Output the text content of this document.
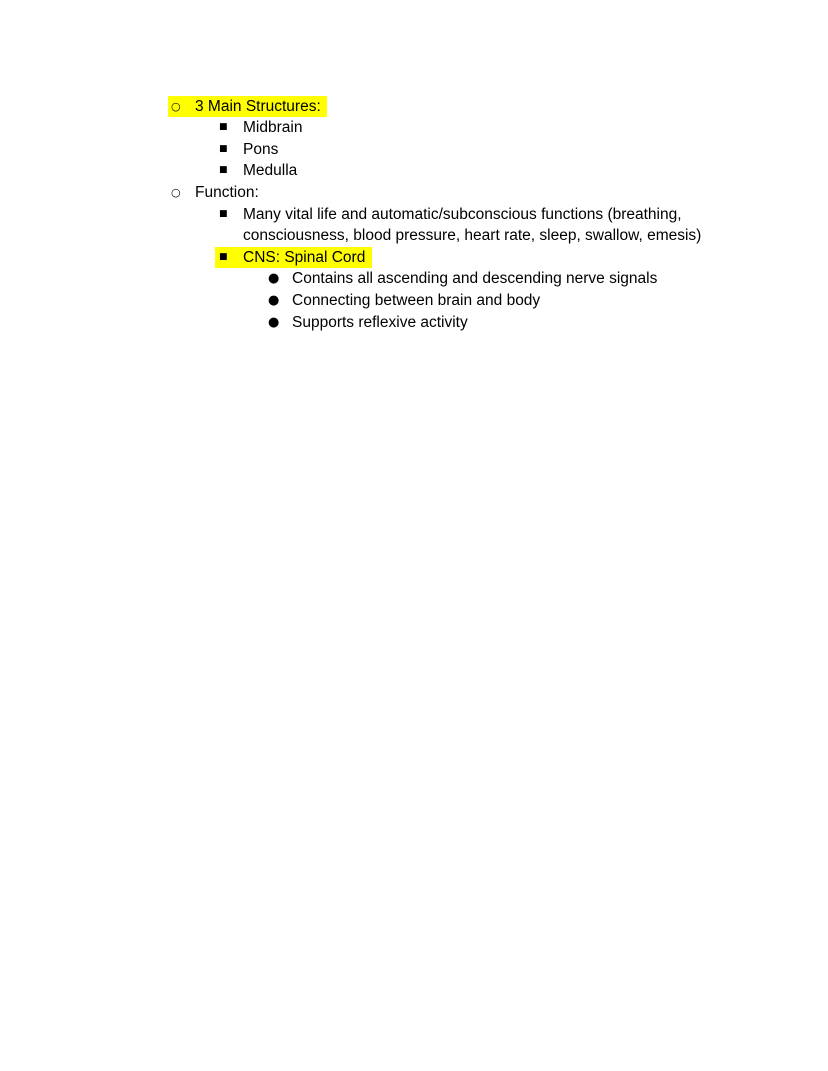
○ 3 Main Structures:
■ Midbrain
■ Pons
■ Medulla
○ Function:
■ Many vital life and automatic/subconscious functions (breathing,
consciousness, blood pressure, heart rate, sleep, swallow, emesis)
■ CNS: Spinal Cord
● Contains all ascending and descending nerve signals
● Connecting between brain and body
● Supports reflexive activity
